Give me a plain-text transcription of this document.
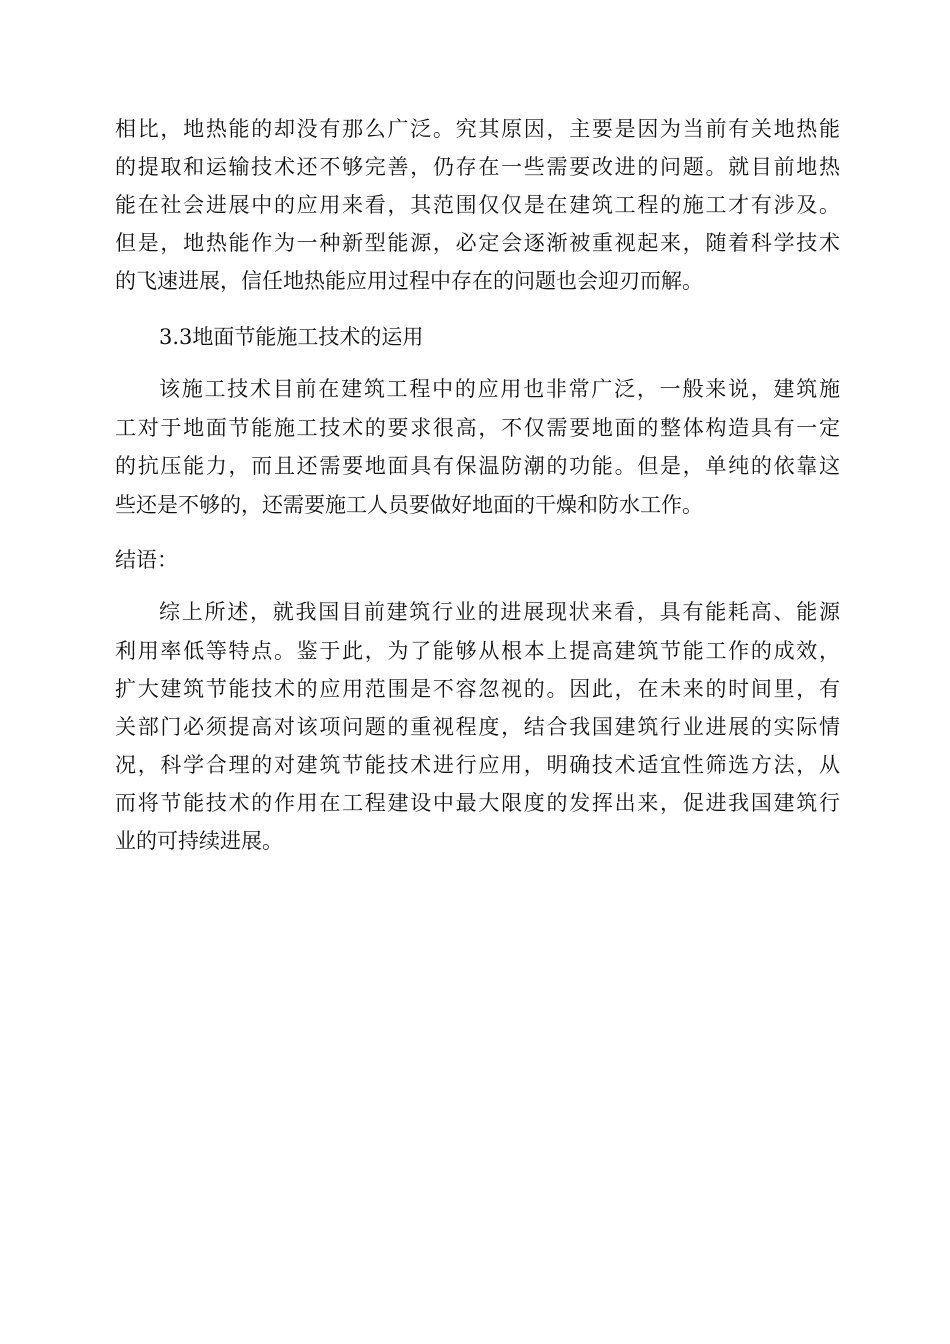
相比，地热能的却没有那么广泛。究其原因，主要是因为当前有关地热能

的提取和运输技术还不够完善，仍存在一些需要改进的问题。就目前地热

能在社会进展中的应用来看，其范围仅仅是在建筑工程的施工才有涉及。

但是，地热能作为一种新型能源，必定会逐渐被重视起来，随着科学技术

的飞速进展，信任地热能应用过程中存在的问题也会迎刃而解。

3.3地面节能施工技术的运用

该施工技术目前在建筑工程中的应用也非常广泛，一般来说，建筑施

工对于地面节能施工技术的要求很高，不仅需要地面的整体构造具有一定

的抗压能力，而且还需要地面具有保温防潮的功能。但是，单纯的依靠这

些还是不够的，还需要施工人员要做好地面的干燥和防水工作。

结语：

综上所述，就我国目前建筑行业的进展现状来看，具有能耗高、能源

利用率低等特点。鉴于此，为了能够从根本上提高建筑节能工作的成效，

扩大建筑节能技术的应用范围是不容忽视的。因此，在未来的时间里，有

关部门必须提高对该项问题的重视程度，结合我国建筑行业进展的实际情

况，科学合理的对建筑节能技术进行应用，明确技术适宜性筛选方法，从

而将节能技术的作用在工程建设中最大限度的发挥出来，促进我国建筑行

业的可持续进展。
